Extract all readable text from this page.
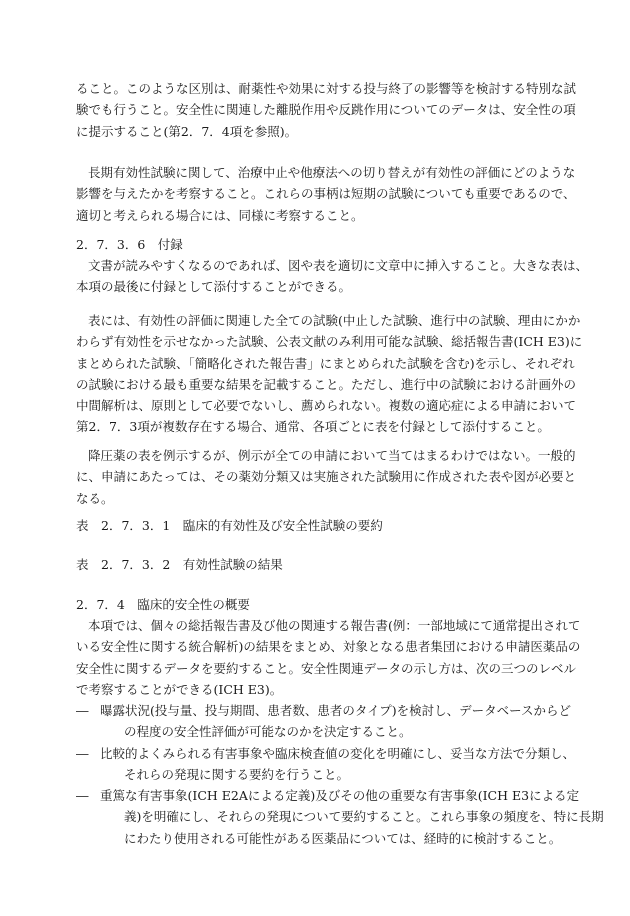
ること。このような区別は、耐薬性や効果に対する投与終了の影響等を検討する特別な試
験でも行うこと。安全性に関連した離脱作用や反跳作用についてのデータは、安全性の項
に提示すること(第2．7．4項を参照)。
長期有効性試験に関して、治療中止や他療法への切り替えが有効性の評価にどのような
影響を与えたかを考察すること。これらの事柄は短期の試験についても重要であるので、
適切と考えられる場合には、同様に考察すること。
2．7．3．6　付録
文書が読みやすくなるのであれば、図や表を適切に文章中に挿入すること。大きな表は、
本項の最後に付録として添付することができる。
表には、有効性の評価に関連した全ての試験(中止した試験、進行中の試験、理由にかか
わらず有効性を示せなかった試験、公表文献のみ利用可能な試験、総括報告書(ICH E3)に
まとめられた試験、「簡略化された報告書」にまとめられた試験を含む)を示し、それぞれ
の試験における最も重要な結果を記載すること。ただし、進行中の試験における計画外の
中間解析は、原則として必要でないし、薦められない。複数の適応症による申請において
第2．7．3項が複数存在する場合、通常、各項ごとに表を付録として添付すること。
降圧薬の表を例示するが、例示が全ての申請において当てはまるわけではない。一般的
に、申請にあたっては、その薬効分類又は実施された試験用に作成された表や図が必要と
なる。
表　2．7．3．1　臨床的有効性及び安全性試験の要約
表　2．7．3．2　有効性試験の結果
2．7．4　臨床的安全性の概要
本項では、個々の総括報告書及び他の関連する報告書(例：一部地域にて通常提出されて
いる安全性に関する統合解析)の結果をまとめ、対象となる患者集団における申請医薬品の
安全性に関するデータを要約すること。安全性関連データの示し方は、次の三つのレベル
で考察することができる(ICH E3)。
― 曝露状況(投与量、投与期間、患者数、患者のタイプ)を検討し、データベースからど
の程度の安全性評価が可能なのかを決定すること。
― 比較的よくみられる有害事象や臨床検査値の変化を明確にし、妥当な方法で分類し、
それらの発現に関する要約を行うこと。
― 重篤な有害事象(ICH E2Aによる定義)及びその他の重要な有害事象(ICH E3による定
義)を明確にし、それらの発現について要約すること。これら事象の頻度を、特に長期
にわたり使用される可能性がある医薬品については、経時的に検討すること。
